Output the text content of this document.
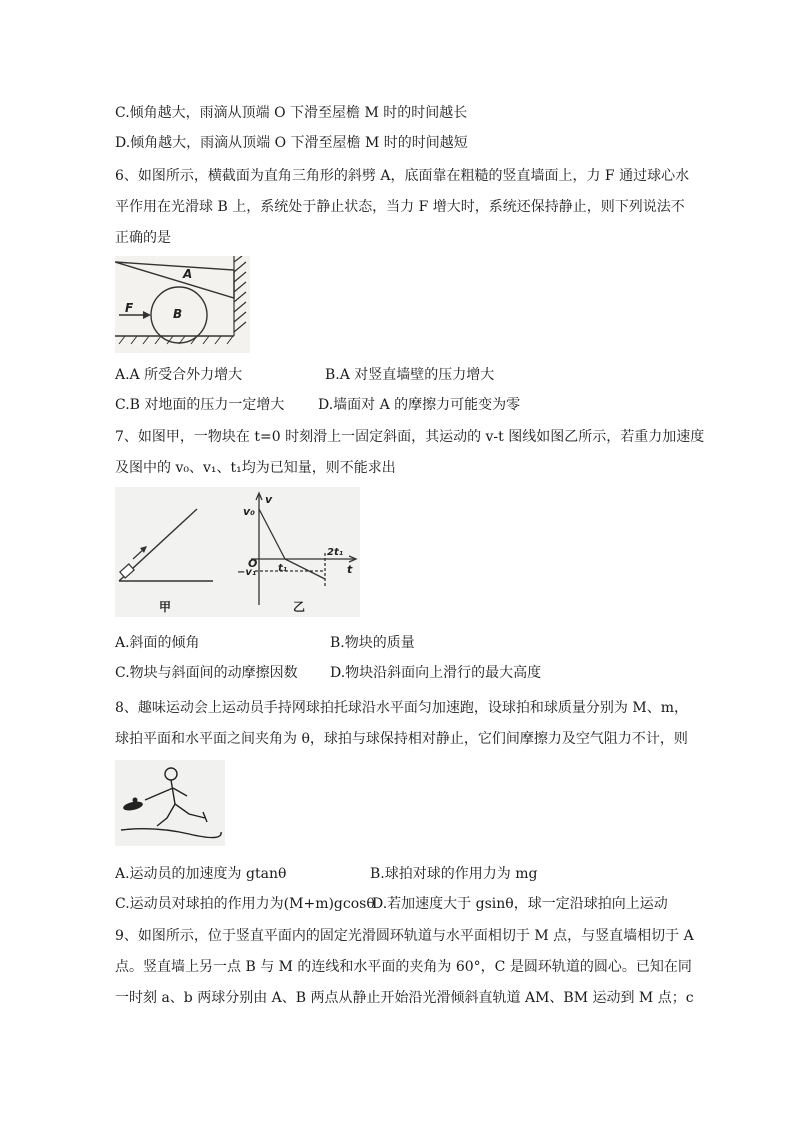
C.倾角越大，雨滴从顶端 O 下滑至屋檐 M 时的时间越长
D.倾角越大，雨滴从顶端 O 下滑至屋檐 M 时的时间越短
6、如图所示，横截面为直角三角形的斜劈 A，底面靠在粗糙的竖直墙面上，力 F 通过球心水
平作用在光滑球 B 上，系统处于静止状态，当力 F 增大时，系统还保持静止，则下列说法不
正确的是
A
B
F
A.A 所受合外力增大	B.A 对竖直墙壁的压力增大
C.B 对地面的压力一定增大 D.墙面对 A 的摩擦力可能变为零
7、如图甲，一物块在 t=0 时刻滑上一固定斜面，其运动的 v-t 图线如图乙所示，若重力加速度
及图中的 v₀、v₁、t₁均为已知量，则不能求出
甲
v
v₀
O t₁
2t₁
t
−v₁
乙
A.斜面的倾角	B.物块的质量
C.物块与斜面间的动摩擦因数 D.物块沿斜面向上滑行的最大高度
8、趣味运动会上运动员手持网球拍托球沿水平面匀加速跑，设球拍和球质量分别为 M、m，
球拍平面和水平面之间夹角为 θ，球拍与球保持相对静止，它们间摩擦力及空气阻力不计，则
A.运动员的加速度为 gtanθ	B.球拍对球的作用力为 mg
C.运动员对球拍的作用力为(M+m)gcosθ
D.若加速度大于 gsinθ，球一定沿球拍向上运动
9、如图所示，位于竖直平面内的固定光滑圆环轨道与水平面相切于 M 点，与竖直墙相切于 A
点。竖直墙上另一点 B 与 M 的连线和水平面的夹角为 60°，C 是圆环轨道的圆心。已知在同
一时刻 a、b 两球分别由 A、B 两点从静止开始沿光滑倾斜直轨道 AM、BM 运动到 M 点；c
